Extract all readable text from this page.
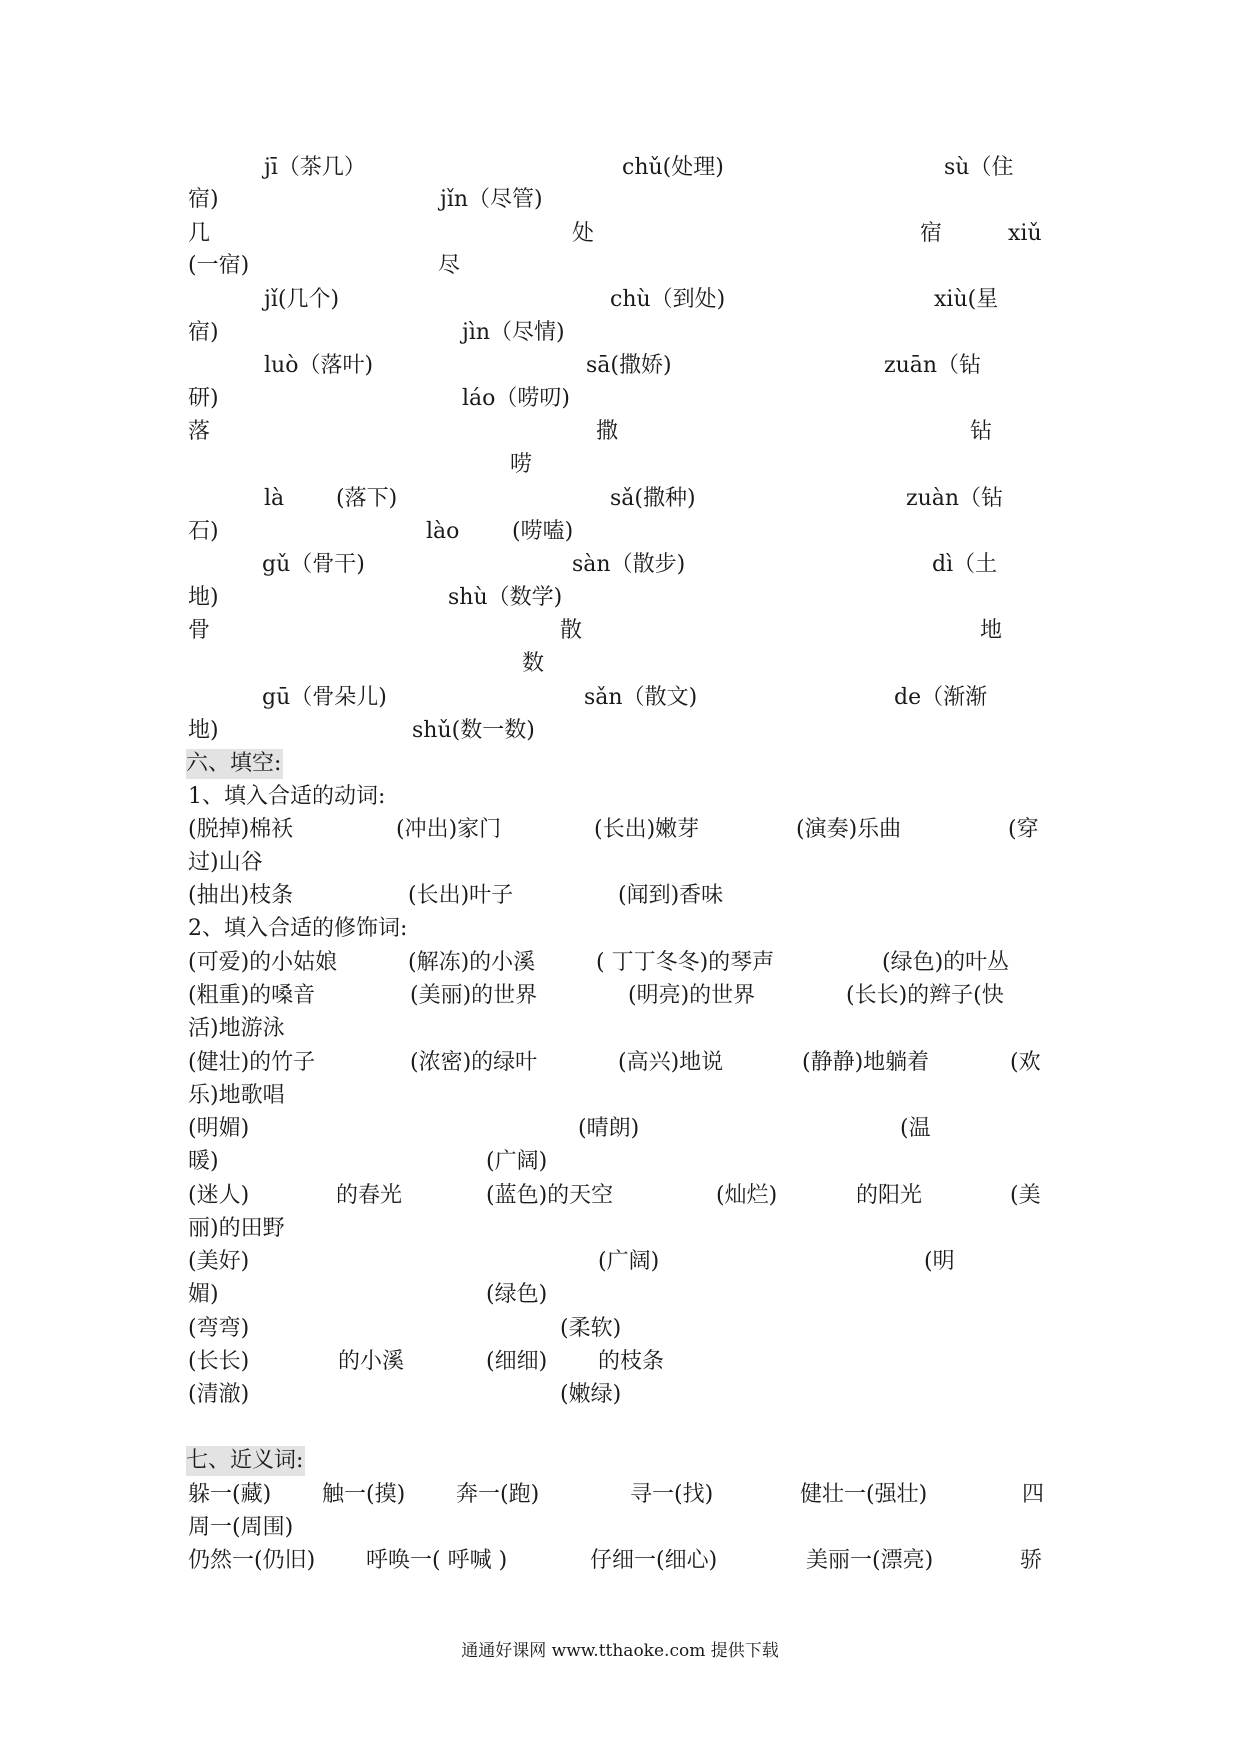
jī（茶几）	chǔ(处理)	sù（住
宿)	jǐn（尽管)
几	处	宿	xiǔ
(一宿)	尽
jǐ(几个)	chù（到处)	xiù(星
宿)	jìn（尽情)
luò（落叶)	sā(撒娇)	zuān（钻
研)	láo（唠叨)
落	撒	钻
唠
là (落下)	sǎ(撒种)	zuàn（钻
石)	lào (唠嗑)
gǔ（骨干)	sàn（散步)	dì（土
地)	shù（数学)
骨	散	地
数
gū（骨朵儿)	sǎn（散文)	de（渐渐
地)	shǔ(数一数)
六、填空:
1、填入合适的动词:
(脱掉)棉袄	(冲出)家门	(长出)嫩芽	(演奏)乐曲	(穿
过)山谷
(抽出)枝条	(长出)叶子	(闻到)香味
2、填入合适的修饰词:
(可爱)的小姑娘	(解冻)的小溪	( 丁丁冬冬)的琴声	(绿色)的叶丛
(粗重)的嗓音	(美丽)的世界	(明亮)的世界	(长长)的辫子(快
活)地游泳
(健壮)的竹子	(浓密)的绿叶	(高兴)地说	(静静)地躺着	(欢
乐)地歌唱
(明媚)	(晴朗)	(温
暖)	(广阔)
(迷人)	的春光	(蓝色)的天空	(灿烂)	的阳光	(美
丽)的田野
(美好)	(广阔)	(明
媚)	(绿色)
(弯弯)	(柔软)
(长长)	的小溪	(细细) 的枝条
(清澈)	(嫩绿)
七、近义词:
躲一(藏) 触一(摸) 奔一(跑)	寻一(找)	健壮一(强壮)	四
周一(周围)
仍然一(仍旧) 呼唤一( 呼喊 )	仔细一(细心)	美丽一(漂亮)	骄
通通好课网 www.tthaoke.com 提供下载
